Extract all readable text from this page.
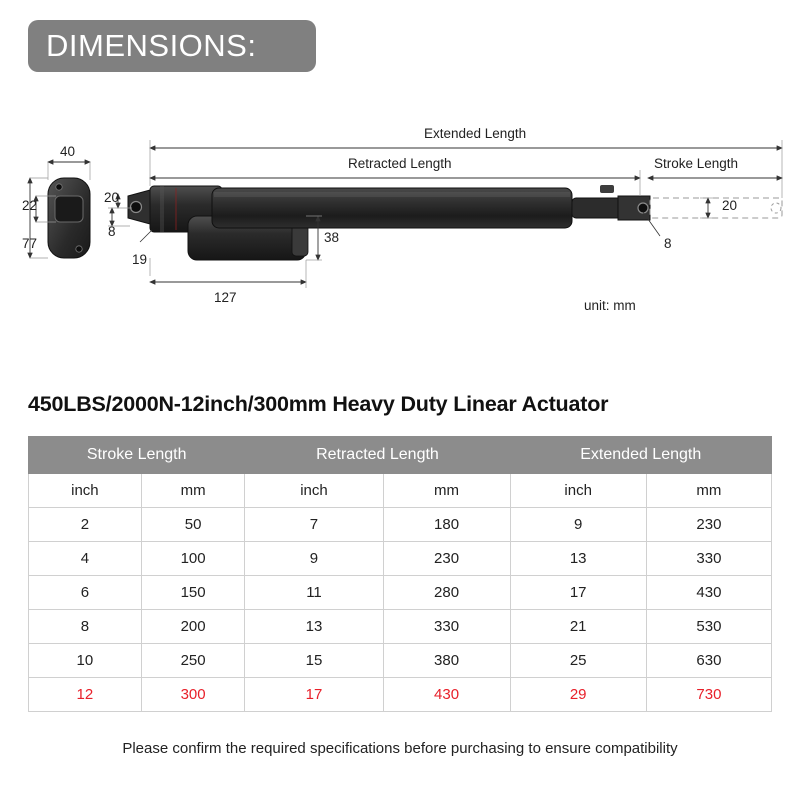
DIMENSIONS:
Extended Length
Retracted Length	Stroke Length
40
22
77
20
8
19
127
38
20
8
unit: mm
450LBS/2000N-12inch/300mm Heavy Duty Linear Actuator
Stroke Length		Retracted Length		Extended Length	
inch	mm	inch	mm	inch	mm
2	50	7	180	9	230
4	100	9	230	13	330
6	150	11	280	17	430
8	200	13	330	21	530
10	250	15	380	25	630
12	300	17	430	29	730
Please confirm the required specifications before purchasing to ensure compatibility
